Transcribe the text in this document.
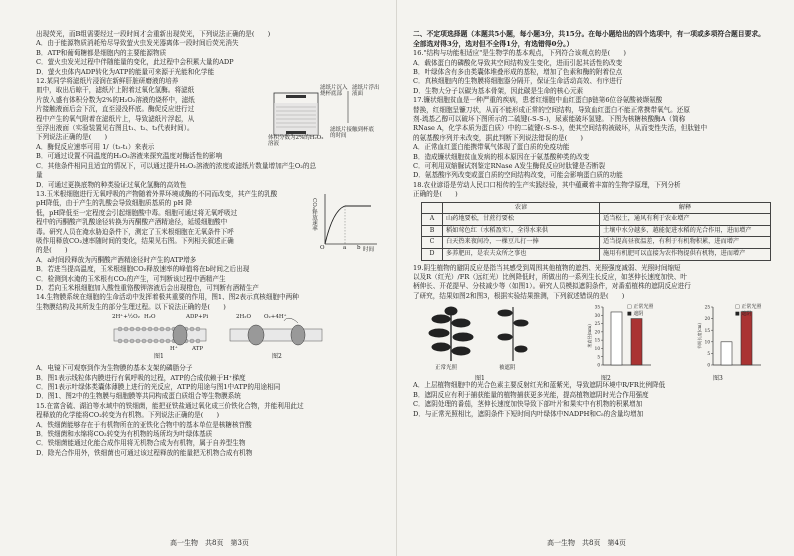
出现荧光，而B组需要经过一段时间才会重新出现荧光，下列说法正确的是(　　)

A．由于能源物质消耗殆尽导致萤火虫发光器离体一段时间后荧光消失

B．ATP和葡萄糖都是细胞内的主要能源物质

C．萤火虫发光过程中伴随能量的变化，此过程中会积累大量的ADP

D．萤火虫体内ADP转化为ATP的能量可来源于光能和化学能

12.某同学将滤纸片浸润在新鲜肝脏研磨液的培养

皿中，取出后晾干，滤纸片上附着过氧化氢酶。将滤纸

片放入盛有体积分数为2%的H₂O₂溶液的烧杯中，滤纸

片接触液面后会下沉，直至浸没杯底。酶促反应进行过

程中产生的氧气附着在滤纸片上，导致滤纸片浮起，从

至浮出液面（实验装置见右图且t₁、t₂、t₃代表时间）。

下列说法正确的是(　　)

滤纸片沉入烧杯底部
滤纸片浮出液面
体积分数为2%的H₂O₂溶液
滤纸片接触到杯底的时间

A．酶促反应速率可用 1/（t₃-t₁）来表示

B．可通过设置不同温度的H₂O₂溶液来探究温度对酶活性的影响

C．其他条件相同且适宜的情况下，可以通过提升H₂O₂溶液的浓度或滤纸片数量增加产生O₂的总

量

D．可通过更换底物的种类验证过氧化氢酶的高效性

13.玉米根细胞进行无氧呼吸的产物随着外界环境或酶的不同而改变，其产生的乳酸

pH降低，由于产生的乳酸会导致细胞质基质的 pH 降

低，pH降低至一定程度会引起细胞酸中毒。细胞可通过将无氧呼吸过

程中的丙酮酸产乳酸途径转换为丙酮酸产酒精途径，延缓细胞酸中

毒。研究人员在淹水胁迫条件下，测定了玉米根细胞在无氧条件下呼

吸作用释放CO₂速率随时间的变化，结果见右图。下列相关叙述正确

的是(　　)

CO₂释放速率
O	a b 时间

A．a时间段释放为丙酮酸产酒精途径时产生的ATP增多

B．若进当提高温度，玉米根细胞CO₂释放速率的峰值将在b时间之后出现

C．检测到水淹的玉米根有CO₂的产生，可判断该过程中酒精产生

D．若向玉米根细胞加入酸性重铬酸钾溶液后会出现橙色，可判断有酒精生产

14.生物膜系统在细胞的生命活动中发挥着极其重要的作用，图1、图2表示真核细胞中两种

生物膜结构及其所发生的部分生理过程。以下说法正确的是(　　)

2H⁺+½O₂ H₂O	ADP+Pi
ATP
H⁺
2H₂O O₂+4H⁺
图1	图2

A．电镜下可观察到作为生物膜的基本支架的磷脂分子

B．图1表示线粒体内膜进行有氧呼吸的过程，ATP的合成依赖于H⁺梯度

C．图1表示叶绿体类囊体薄膜上进行的光反应，ATP的用途与图1中ATP的用途相同

D．图1、图2中的生物膜与细胞膜等共同构成蛋白质组合等生物膜系统

15.在富含硫、湖泊等水域中的铁细菌，能把亚铁盐通过氧化成三价铁化合物，并能利用此过

程释放的化学能将CO₂转变为有机物。下列说法正确的是(　　)

A．铁细菌能够存在于有机物所在的亚铁化合物中的基本单位是核糖核苷酸

B．铁细菌和水绵将CO₂转变为有机物的场所均为叶绿体基质

C．铁细菌能通过化能合成作用将无机物合成为有机物，属于自养型生物

D．除光合作用外，铁细菌也可通过该过程释放的能量把无机物合成有机物

高一生物　共8页　第3页

二、不定项选择题（本题共5小题，每小题3分，共15分。在每小题给出的四个选项中，有一项或多项符合题目要求。全部选对得3分，选对但不全得1分，有选错得0分。）

16."结构与功能相适应"是生物学的基本观点，下列符合该观点的是(　　)

A．载体蛋白的磷酸化导致其空间结构发生变化，进而引起其活性的改变

B．叶绿体含有多由类囊体堆叠形成的基粒，增加了色素和酶的附着位点

C．真核细胞内的生物膜将细胞器分隔开，保证生命活动高效、有序进行

D．生物大分子以碳为基本骨架，因此碳是生命的核心元素

17.镰状细胞贫血是一种严重的疾病，患者红细胞中血红蛋白β链第6位谷氨酸被缬氨酸

替换，红细胞呈镰刀状，从而不能形成正常的空间结构，导致血红蛋白不能正常携带氧气。还原

剂-巯基乙醇可以破坏下图所示的二硫键(-S-S-)，尿素能破坏氢键。下图为核糖核酸酶A（简称

RNase A，化学本质为蛋白质）中的二硫键(-S-S-)，使其空间结构被破坏，从而变性失活，但肽链中

的氨基酸序列并未改变，据此判断下列说法错误的是(　　)

A．正常血红蛋白能携带氧气体现了蛋白质的免疫功能

B．造成镰状细胞贫血发病的根本原因在于氨基酸种类的改变

C．可利用双缩脲试剂鉴定RNase A发生酶促反应时肽键是否断裂

D．氨基酸序列改变或蛋白质的空间结构改变，可能会影响蛋白质的功能

18.农业谚语是劳动人民口口相传的生产实践经验，其中蕴藏着丰富的生物学原理，下列分析

正确的是(　　)

	农谚	解释
A	山药地要松，甘蔗行要松	适当松土，通风有利于农业增产
B	稻如莺色红（水稻盈实），全得水来供	土壤中水分越多，越能促进水稻的光合作用，进而增产
C	白天热来夜间冷，一棵豆儿打一捧	适当提高昼夜温差，有利于有机物积累，进而增产
D	多养肥田，是农夫众所之事也	施用有机肥可以直接为农作物提供有机物，进而增产

19.阴生植物的避阴反应是指当其感受到周围其他植物的遮挡、光照强度减弱、光照时间缩短

以及R（红光）/FR（远红光）比例降低时，所做出的一系列生长反应，如茎伸长速度加快、叶

柄伸长、开花提早、分枝减少等（如图1）。研究人员模拟遮阴条件，对番茄植株的遮阴反应进行

了研究，结果如图2和图3，根据实验结果推测，下列叙述错误的是(　　)

0
5
10
15
20
25
30
35
茎直径(mm)
0
5
10
15
20
25
节间长度(cm)
正常光照	被遮阴
图1	图2	图3
□ 正常光照
■ 遮阴
□ 正常光照
■ 遮阴

A．上层植物细胞中的光合色素主要反射红光和蓝紫光，导致遮阴环境中R/FR比例降低

B．遮阴反应有利于捕获能量的植物捕获更多光能，提高植物遮阴时光合作用强度

C．遮阴处理的番茄，茎伸长速度加快导致下部叶片和果实中有机物的积累增加

D．与正常光照相比，遮阴条件下短时间内叶绿体中NADPH和C₅的含量均增加

高一生物　共8页　第4页
